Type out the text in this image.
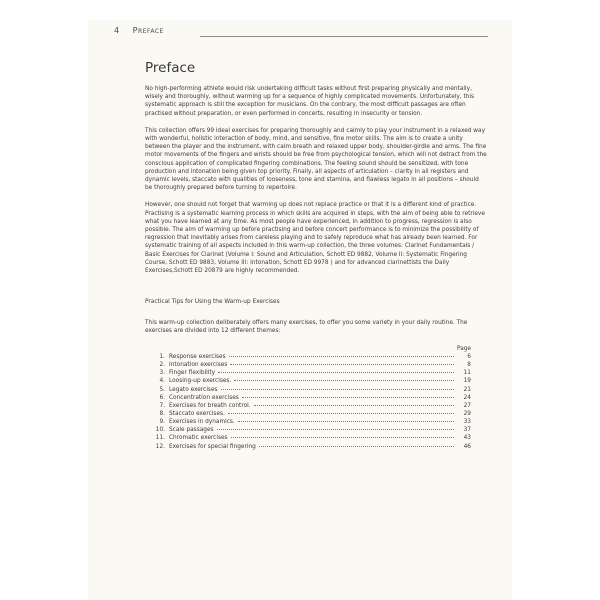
4 Preface
Preface

No high-performing athlete would risk undertaking difficult tasks without first preparing physically and mentally, wisely and thoroughly, without warming up for a sequence of highly complicated movements. Unfortunately, this systematic approach is still the exception for musicians. On the contrary, the most difficult passages are often practised without preparation, or even performed in concerts, resulting in insecurity or tension.

This collection offers 99 ideal exercises for preparing thoroughly and calmly to play your instrument in a relaxed way with wonderful, holistic interaction of body, mind, and sensitive, fine motor skills. The aim is to create a unity between the player and the instrument, with calm breath and relaxed upper body, shoulder-girdle and arms. The fine motor movements of the fingers and wrists should be free from psychological tension, which will not detract from the conscious application of complicated fingering combinations. The feeling sound should be sensitized, with tone production and intonation being given top priority. Finally, all aspects of articulation – clarity in all registers and dynamic levels, staccato with qualities of looseness, tone and stamina, and flawless legato in all positions – should be thoroughly prepared before turning to repertoire.

However, one should not forget that warming up does not replace practice or that it is a different kind of practice. Practising is a systematic learning process in which skills are acquired in steps, with the aim of being able to retrieve what you have learned at any time. As most people have experienced, in addition to progress, regression is also possible. The aim of warming up before practising and before concert performance is to minimize the possibility of regression that inevitably arises from careless playing and to safely reproduce what has already been learned. For systematic training of all aspects included in this warm-up collection, the three volumes: Clarinet Fundamentals / Basic Exercises for Clarinet (Volume I: Sound and Articulation, Schott ED 9882, Volume II: Systematic Fingering Course, Schott ED 9883, Volume III: Intonation, Schott ED 9978 ) and for advanced clarinettists the Daily Exercises,Schott ED 20879 are highly recommended.

Practical Tips for Using the Warm-up Exercises

This warm-up collection deliberately offers many exercises, to offer you some variety in your daily routine. The exercises are divided into 12 different themes:

Page
1. Response exercises	6
2. Intonation exercises	8
3. Finger flexibility	11
4. Loosing-up exercises.	19
5. Legato exercises	21
6. Concentration exercises	24
7. Exercises for breath control.	27
8. Staccato exercises.	29
9. Exercises in dynamics.	33
10. Scale passages	37
11. Chromatic exercises	43
12. Exercises for special fingering	46
